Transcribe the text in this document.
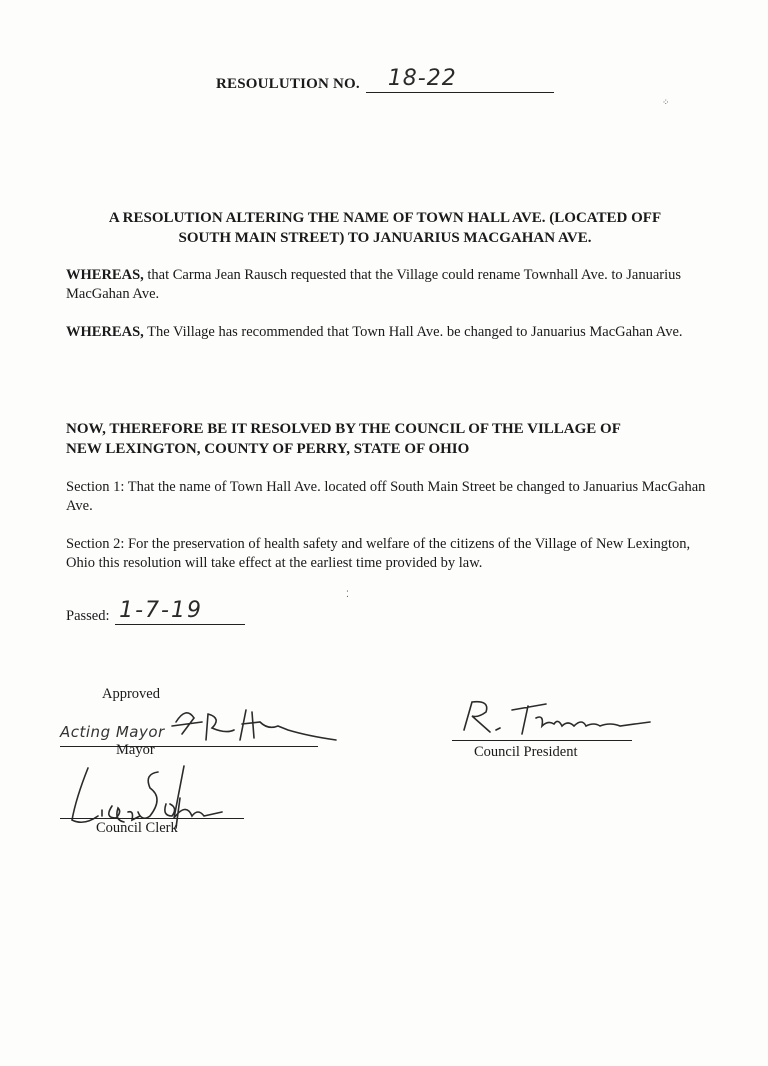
RESOULUTION NO. 18-22
⁘
A RESOLUTION ALTERING THE NAME OF TOWN HALL AVE. (LOCATED OFF
SOUTH MAIN STREET) TO JANUARIUS MACGAHAN AVE.
WHEREAS, that Carma Jean Rausch requested that the Village could rename Townhall Ave. to Januarius MacGahan Ave.
WHEREAS, The Village has recommended that Town Hall Ave. be changed to Januarius MacGahan Ave.
NOW, THEREFORE BE IT RESOLVED BY THE COUNCIL OF THE VILLAGE OF
NEW LEXINGTON, COUNTY OF PERRY, STATE OF OHIO
Section 1: That the name of Town Hall Ave. located off South Main Street be changed to Januarius MacGahan Ave.
Section 2: For the preservation of health safety and welfare of the citizens of the Village of New Lexington, Ohio this resolution will take effect at the earliest time provided by law.
⁚
Passed: 1-7-19
Approved
Acting Mayor
Mayor	Council President
Council Clerk
